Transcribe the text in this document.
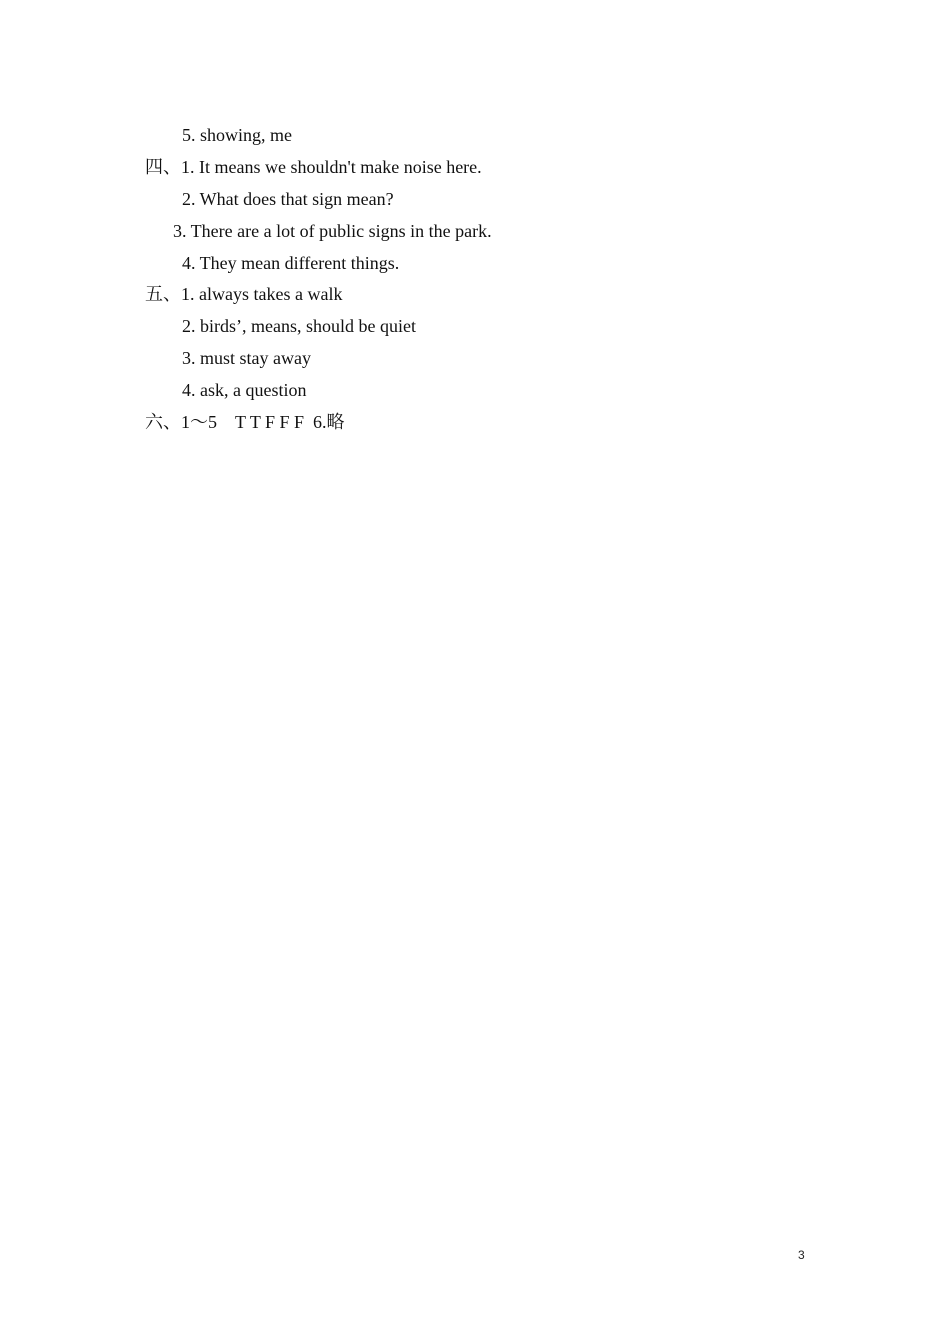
5. showing, me
四、1. It means we shouldn't make noise here.
2. What does that sign mean?
3. There are a lot of public signs in the park.
4. They mean different things.
五、1. always takes a walk
2. birds’, means, should be quiet
3. must stay away
4. ask, a question
六、1～5    T T F F F  6.略
3
